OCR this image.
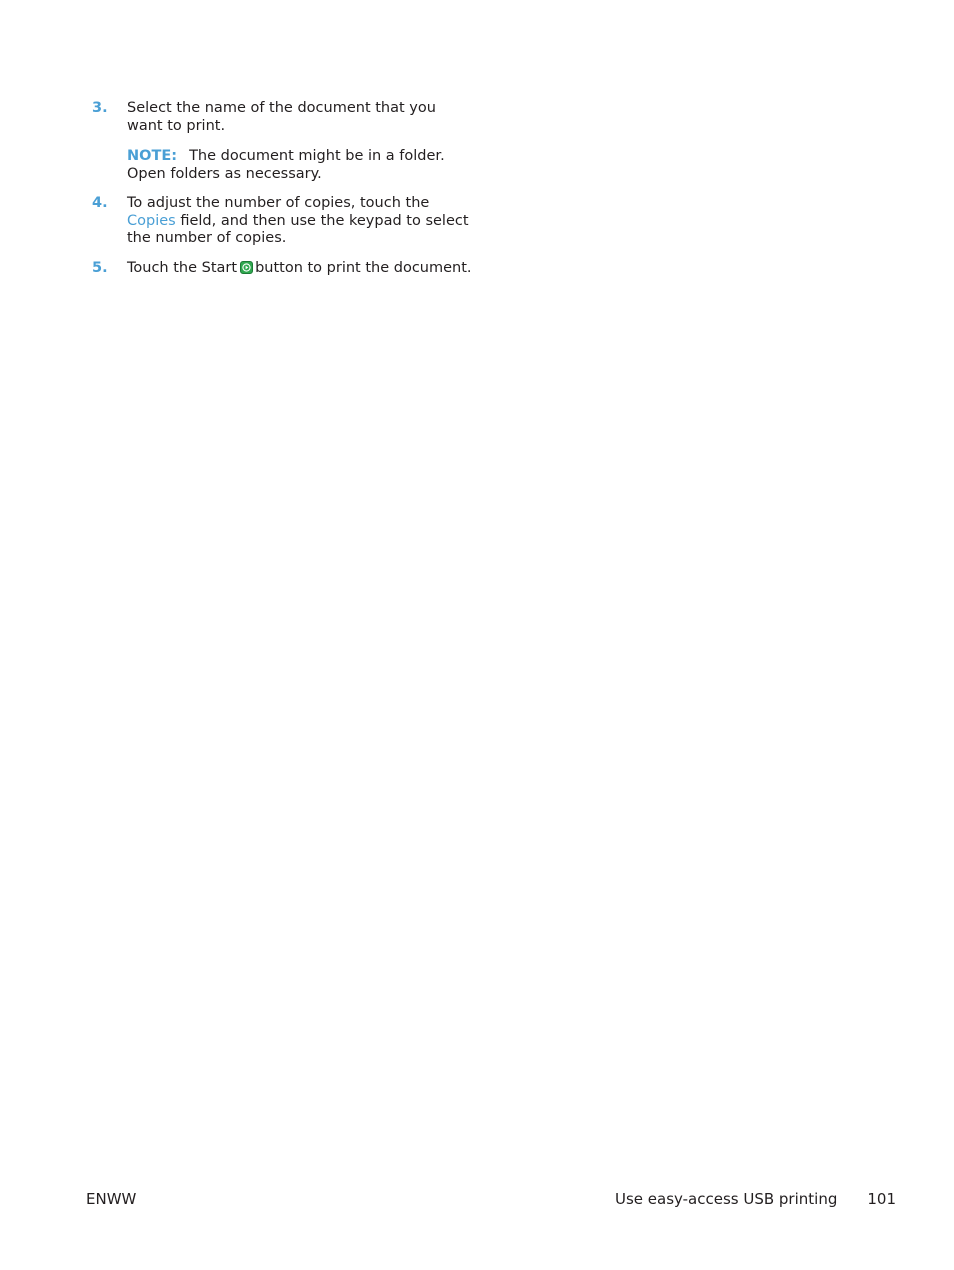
3. Select the name of the document that you want to print.
NOTE: The document might be in a folder. Open folders as necessary.
4. To adjust the number of copies, touch the Copies field, and then use the keypad to select the number of copies.
5. Touch the Start button to print the document.
ENWW	Use easy-access USB printing 101
